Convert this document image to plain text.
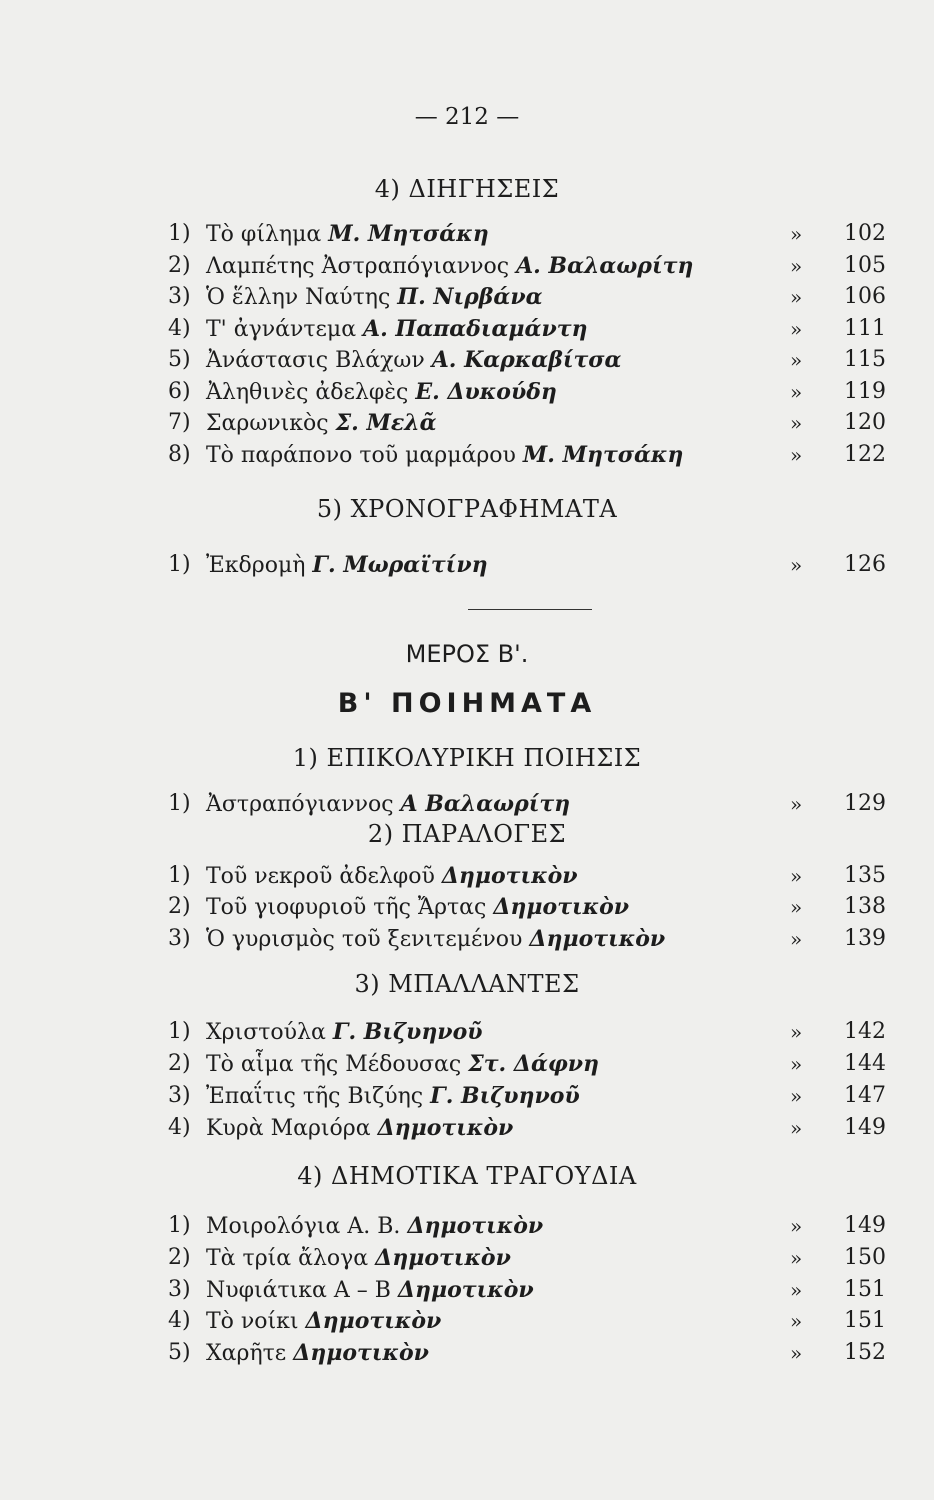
— 212 —
4) ΔΙΗΓΗΣΕΙΣ
1) Τὸ φίλημα Μ. Μητσάκη	» 102
2) Λαμπέτης Ἀστραπόγιαννος Α. Βαλαωρίτη	» 105
3) Ὁ ἕλλην Ναύτης Π. Νιρβάνα	» 106
4) Τ' ἀγνάντεμα Α. Παπαδιαμάντη	» 111
5) Ἀνάστασις Βλάχων Α. Καρκαβίτσα	» 115
6) Ἀληθινὲς ἀδελφὲς Ε. Δυκούδη	» 119
7) Σαρωνικὸς Σ. Μελᾶ	» 120
8) Τὸ παράπονο τοῦ μαρμάρου Μ. Μητσάκη	» 122
5) ΧΡΟΝΟΓΡΑΦΗΜΑΤΑ
1) Ἐκδρομὴ Γ. Μωραϊτίνη	» 126
ΜΕΡΟΣ Β'.
Β' ΠΟΙΗΜΑΤΑ
1) ΕΠΙΚΟΛΥΡΙΚΗ ΠΟΙΗΣΙΣ
1) Ἀστραπόγιαννος Α Βαλαωρίτη	» 129
2) ΠΑΡΑΛΟΓΕΣ
1) Τοῦ νεκροῦ ἀδελφοῦ Δημοτικὸν	» 135
2) Τοῦ γιοφυριοῦ τῆς Ἄρτας Δημοτικὸν	» 138
3) Ὁ γυρισμὸς τοῦ ξενιτεμένου Δημοτικὸν	» 139
3) ΜΠΑΛΛΑΝΤΕΣ
1) Χριστούλα Γ. Βιζυηνοῦ	» 142
2) Τὸ αἷμα τῆς Μέδουσας Στ. Δάφνη	» 144
3) Ἐπαΐτις τῆς Βιζύης Γ. Βιζυηνοῦ	» 147
4) Κυρὰ Μαριόρα Δημοτικὸν	» 149
4) ΔΗΜΟΤΙΚΑ ΤΡΑΓΟΥΔΙΑ
1) Μοιρολόγια Α. Β. Δημοτικὸν	» 149
2) Τὰ τρία ἄλογα Δημοτικὸν	» 150
3) Νυφιάτικα Α – Β Δημοτικὸν	» 151
4) Τὸ νοίκι Δημοτικὸν	» 151
5) Χαρῆτε Δημοτικὸν	» 152
